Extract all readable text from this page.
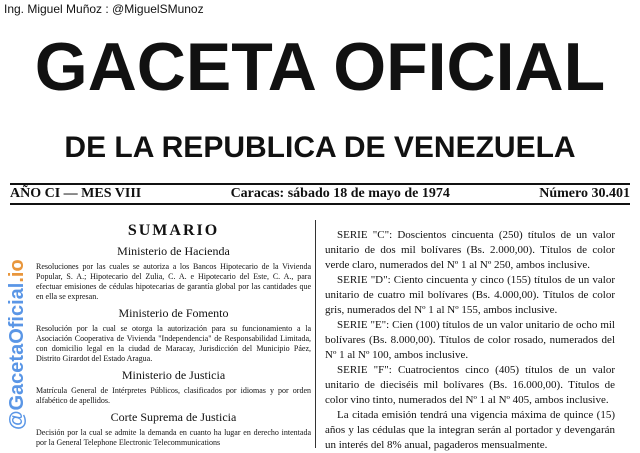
Ing. Miguel Muñoz : @MiguelSMunoz
GACETA OFICIAL
DE LA REPUBLICA DE VENEZUELA
AÑO CI — MES VIII	Caracas: sábado 18 de mayo de 1974	Número 30.401
SUMARIO
Ministerio de Hacienda

Resoluciones por las cuales se autoriza a los Bancos Hipotecario de la Vivienda Popular, S. A.; Hipotecario del Zulia, C. A. e Hipotecario del Este, C. A., para efectuar emisiones de cédulas hipotecarias de garantía global por las cantidades que en ella se expresan.

Ministerio de Fomento

Resolución por la cual se otorga la autorización para su funcionamiento a la Asociación Cooperativa de Vivienda "Independencia" de Responsabilidad Limitada, con domicilio legal en la ciudad de Maracay, Jurisdicción del Municipio Páez, Distrito Girardot del Estado Aragua.

Ministerio de Justicia

Matrícula General de Intérpretes Públicos, clasificados por idiomas y por orden alfabético de apellidos.

Corte Suprema de Justicia

Decisión por la cual se admite la demanda en cuanto ha lugar en derecho intentada por la General Telephone Electronic Telecommunications

SERIE "C": Doscientos cincuenta (250) títulos de un valor unitario de dos mil bolívares (Bs. 2.000,00). Títulos de color verde claro, numerados del Nº 1 al Nº 250, ambos inclusive.

SERIE "D": Ciento cincuenta y cinco (155) títulos de un valor unitario de cuatro mil bolívares (Bs. 4.000,00). Títulos de color gris, numerados del Nº 1 al Nº 155, ambos inclusive.

SERIE "E": Cien (100) títulos de un valor unitario de ocho mil bolívares (Bs. 8.000,00). Títulos de color rosado, numerados del Nº 1 al Nº 100, ambos inclusive.

SERIE "F": Cuatrocientos cinco (405) títulos de un valor unitario de dieciséis mil bolívares (Bs. 16.000,00). Títulos de color vino tinto, numerados del Nº 1 al Nº 405, ambos inclusive.

La citada emisión tendrá una vigencia máxima de quince (15) años y las cédulas que la integran serán al portador y devengarán un interés del 8% anual, pagaderos mensualmente.

@GacetaOficial.io
